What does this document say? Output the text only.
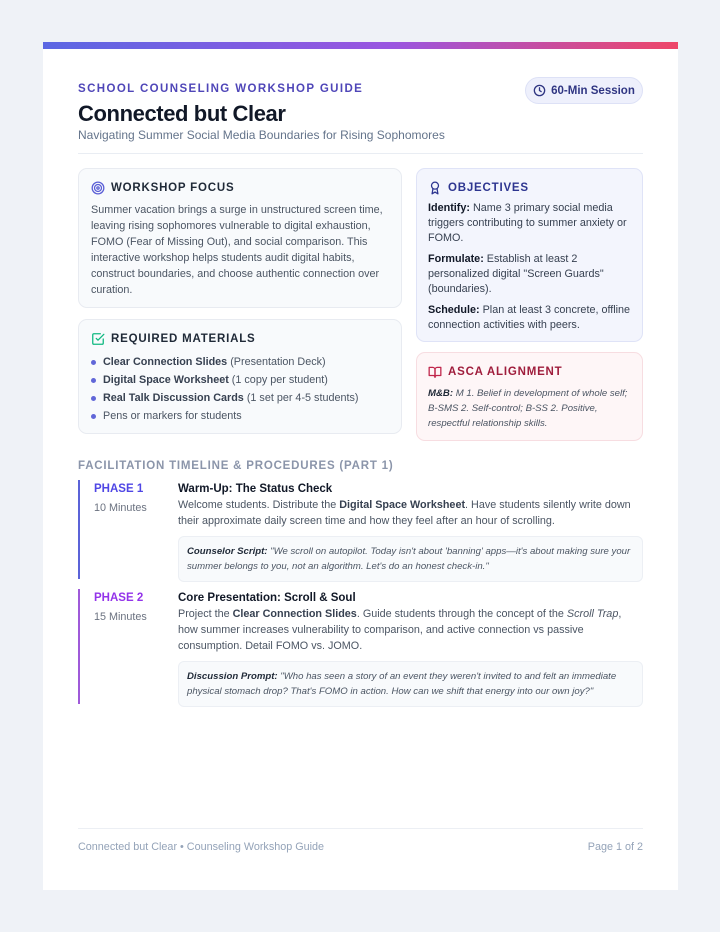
SCHOOL COUNSELING WORKSHOP GUIDE	60-Min Session
Connected but Clear
Navigating Summer Social Media Boundaries for Rising Sophomores
WORKSHOP FOCUS

Summer vacation brings a surge in unstructured screen time, leaving rising sophomores vulnerable to digital exhaustion, FOMO (Fear of Missing Out), and social comparison. This interactive workshop helps students audit digital habits, construct boundaries, and choose authentic connection over curation.

REQUIRED MATERIALS
Clear Connection Slides (Presentation Deck)
Digital Space Worksheet (1 copy per student)
Real Talk Discussion Cards (1 set per 4-5 students)
Pens or markers for students
OBJECTIVES
Identify: Name 3 primary social media triggers contributing to summer anxiety or FOMO.
Formulate: Establish at least 2 personalized digital "Screen Guards" (boundaries).
Schedule: Plan at least 3 concrete, offline connection activities with peers.
ASCA ALIGNMENT

M&B: M 1. Belief in development of whole self; B-SMS 2. Self-control; B-SS 2. Positive, respectful relationship skills.

FACILITATION TIMELINE & PROCEDURES (PART 1)
PHASE 1
10 Minutes
Warm-Up: The Status Check
Welcome students. Distribute the Digital Space Worksheet. Have students silently write down their approximate daily screen time and how they feel after an hour of scrolling.
Counselor Script: "We scroll on autopilot. Today isn't about 'banning' apps—it's about making sure your summer belongs to you, not an algorithm. Let's do an honest check-in."
PHASE 2
15 Minutes
Core Presentation: Scroll & Soul
Project the Clear Connection Slides. Guide students through the concept of the Scroll Trap, how summer increases vulnerability to comparison, and active connection vs passive consumption. Detail FOMO vs. JOMO.
Discussion Prompt: "Who has seen a story of an event they weren't invited to and felt an immediate physical stomach drop? That's FOMO in action. How can we shift that energy into our own joy?"
Connected but Clear • Counseling Workshop Guide	Page 1 of 2
